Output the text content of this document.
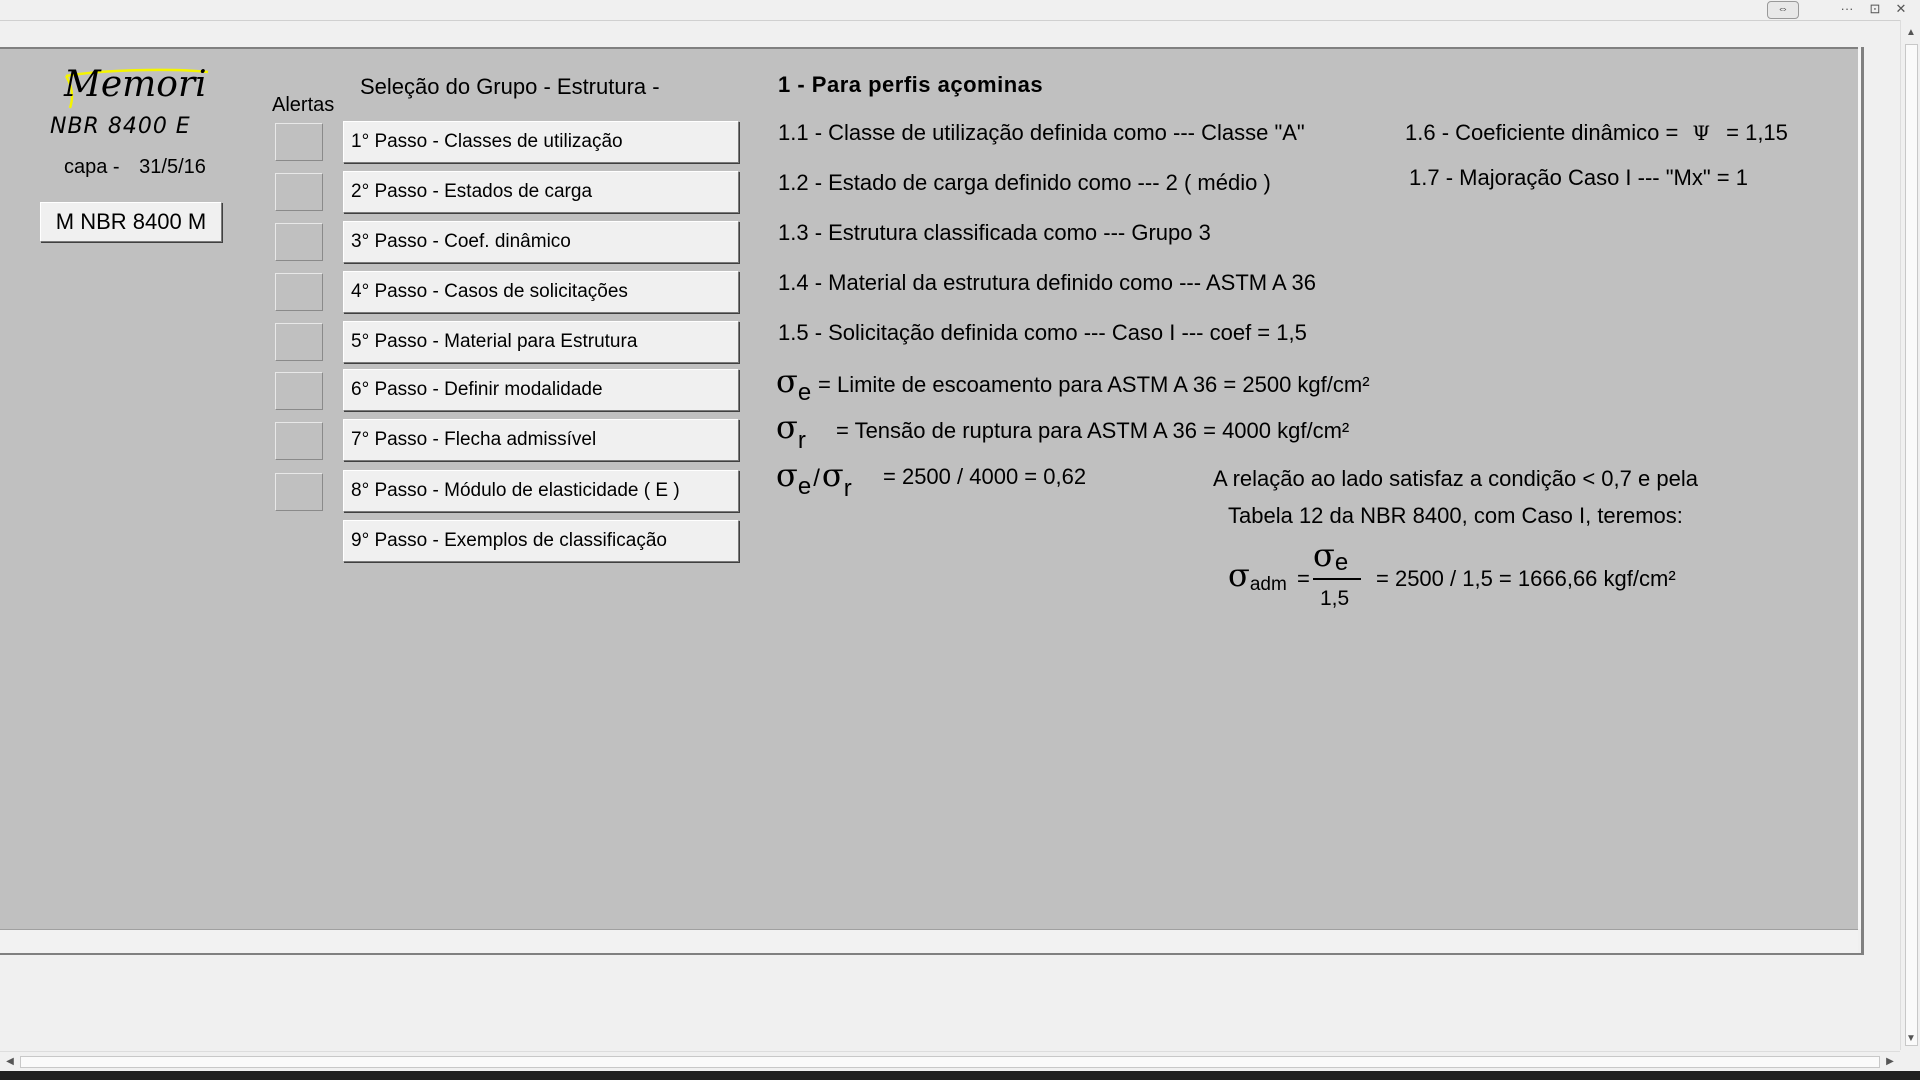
⇔	···	⊡	✕
▲
▼
◀	▶
Memori
NBR 8400 E
capa - 31/5/16
M NBR 8400 M
Alertas
Seleção do Grupo - Estrutura -
1° Passo - Classes de utilização
2° Passo - Estados de carga
3° Passo - Coef. dinâmico
4° Passo - Casos de solicitações
5° Passo - Material para Estrutura
6° Passo - Definir modalidade
7° Passo - Flecha admissível
8° Passo - Módulo de elasticidade ( E )
9° Passo - Exemplos de classificação
1 - Para perfis açominas
1.1 - Classe de utilização definida como --- Classe "A"
1.2 - Estado de carga definido como --- 2 ( médio )
1.3 - Estrutura classificada como --- Grupo 3
1.4 - Material da estrutura definido como --- ASTM A 36
1.5 - Solicitação definida como --- Caso I --- coef = 1,5
1.6 - Coeficiente dinâmico = Ψ = 1,15
1.7 - Majoração Caso I --- "Mx" = 1
σe = Limite de escoamento para ASTM A 36 = 2500 kgf/cm²
σr = Tensão de ruptura para ASTM A 36 = 4000 kgf/cm²
σe/σr = 2500 / 4000 = 0,62	A relação ao lado satisfaz a condição < 0,7 e pela
Tabela 12 da NBR 8400, com Caso I, teremos:
σadm =
σe
1,5
= 2500 / 1,5 = 1666,66 kgf/cm²
